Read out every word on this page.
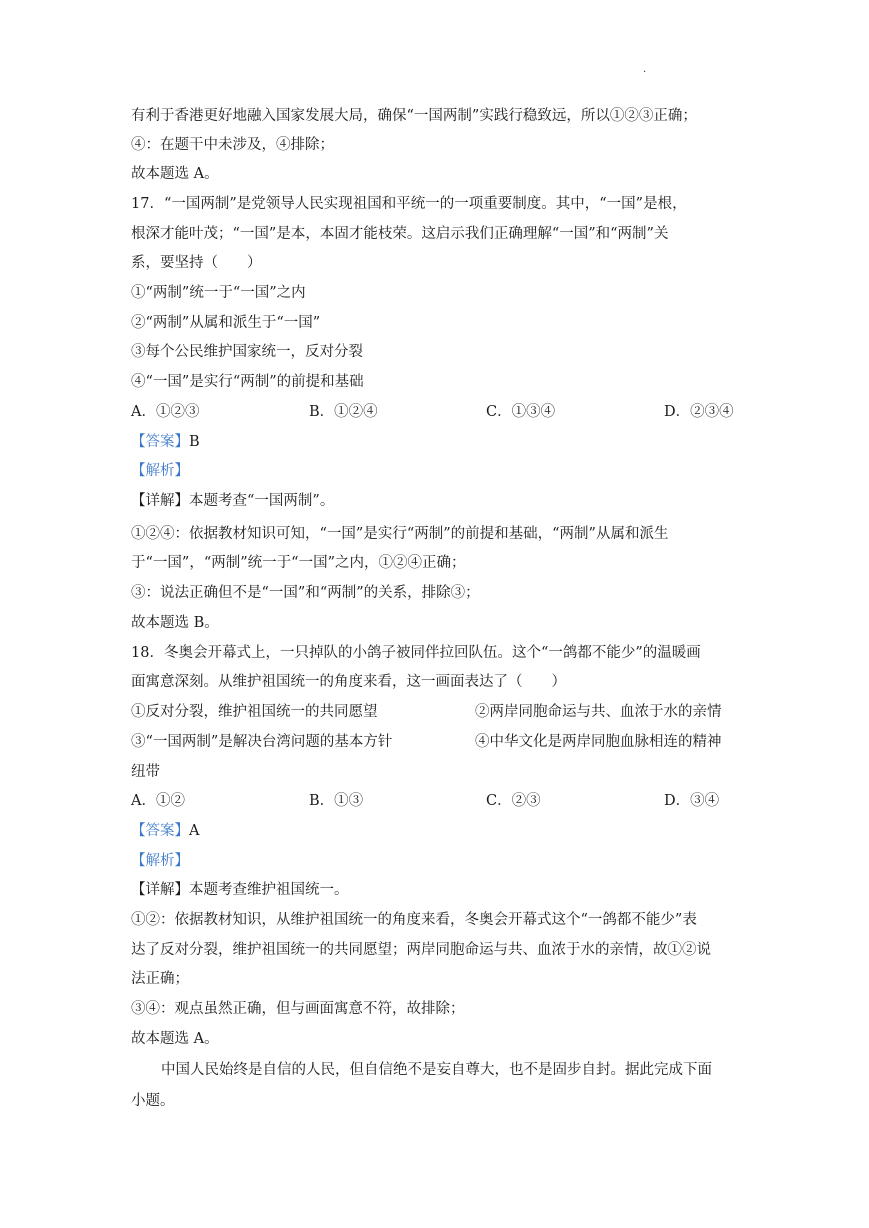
·
有利于香港更好地融入国家发展大局，确保“一国两制”实践行稳致远，所以①②③正确；
④：在题干中未涉及，④排除；
故本题选 A。
17．“一国两制”是党领导人民实现祖国和平统一的一项重要制度。其中，“一国”是根，
根深才能叶茂；“一国”是本，本固才能枝荣。这启示我们正确理解“一国”和“两制”关
系，要坚持（　　）
①“两制”统一于“一国”之内
②“两制”从属和派生于“一国”
③每个公民维护国家统一，反对分裂
④“一国”是实行“两制”的前提和基础
A．①②③	B．①②④	C．①③④	D．②③④
【答案】B
【解析】
【详解】本题考查“一国两制”。
①②④：依据教材知识可知，“一国”是实行“两制”的前提和基础，“两制”从属和派生
于“一国”，“两制”统一于“一国”之内，①②④正确；
③：说法正确但不是“一国”和“两制”的关系，排除③；
故本题选 B。
18．冬奥会开幕式上，一只掉队的小鸽子被同伴拉回队伍。这个“一鸽都不能少”的温暖画
面寓意深刻。从维护祖国统一的角度来看，这一画面表达了（　　）
①反对分裂，维护祖国统一的共同愿望	②两岸同胞命运与共、血浓于水的亲情
③“一国两制”是解决台湾问题的基本方针	④中华文化是两岸同胞血脉相连的精神
纽带
A．①②	B．①③	C．②③	D．③④
【答案】A
【解析】
【详解】本题考查维护祖国统一。
①②：依据教材知识，从维护祖国统一的角度来看，冬奥会开幕式这个“一鸽都不能少”表
达了反对分裂，维护祖国统一的共同愿望；两岸同胞命运与共、血浓于水的亲情，故①②说
法正确；
③④：观点虽然正确，但与画面寓意不符，故排除；
故本题选 A。
中国人民始终是自信的人民，但自信绝不是妄自尊大，也不是固步自封。据此完成下面
小题。
